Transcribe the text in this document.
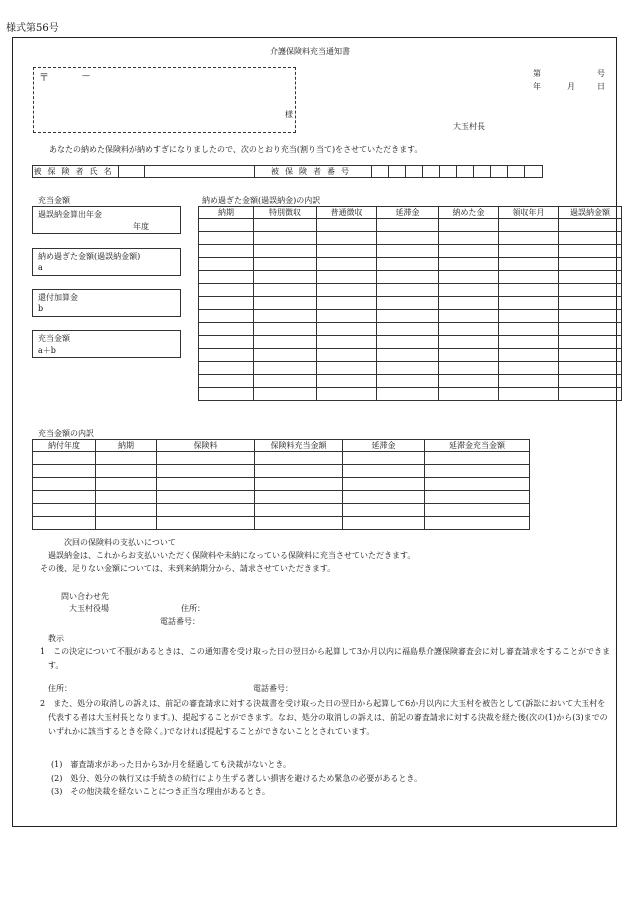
様式第56号
介護保険料充当通知書
〒	—
様
第	号
年	月	日
大玉村長
あなたの納めた保険料が納めすぎになりましたので、次のとおり充当(割り当て)をさせていただきます。
被保険者氏名			被保険者番号										
充当金額
過誤納金算出年金
年度
納め過ぎた金額(過誤納金額)
a
還付加算金
b
充当金額
a＋b
納め過ぎた金額(過誤納金)の内訳
納期	特別徴収	普通徴収	延滞金	納めた金	領収年月	過誤納金額

充当金額の内訳
納付年度	納期	保険料	保険料充当金額	延滞金	延滞金充当金額

次回の保険料の支払いについて
過誤納金は、これからお支払いいただく保険料や未納になっている保険料に充当させていただきます。
その後、足りない金額については、未到来納期分から、請求させていただきます。
問い合わせ先
大玉村役場	住所：
電話番号：
教示
1　この決定について不服があるときは、この通知書を受け取った日の翌日から起算して3か月以内に福島県介護保険審査会に対し審査請求をすることができます。
住所：	電話番号：
2　また、処分の取消しの訴えは、前記の審査請求に対する決裁書を受け取った日の翌日から起算して6か月以内に大玉村を被告として(訴訟において大玉村を代表する者は大玉村長となります。)、提起することができます。なお、処分の取消しの訴えは、前記の審査請求に対する決裁を経た後(次の(1)から(3)までのいずれかに該当するときを除く。)でなければ提起することができないこととされています。
(1)　審査請求があった日から3か月を経過しても決裁がないとき。
(2)　処分、処分の執行又は手続きの続行により生ずる著しい損害を避けるため緊急の必要があるとき。
(3)　その他決裁を経ないことにつき正当な理由があるとき。
